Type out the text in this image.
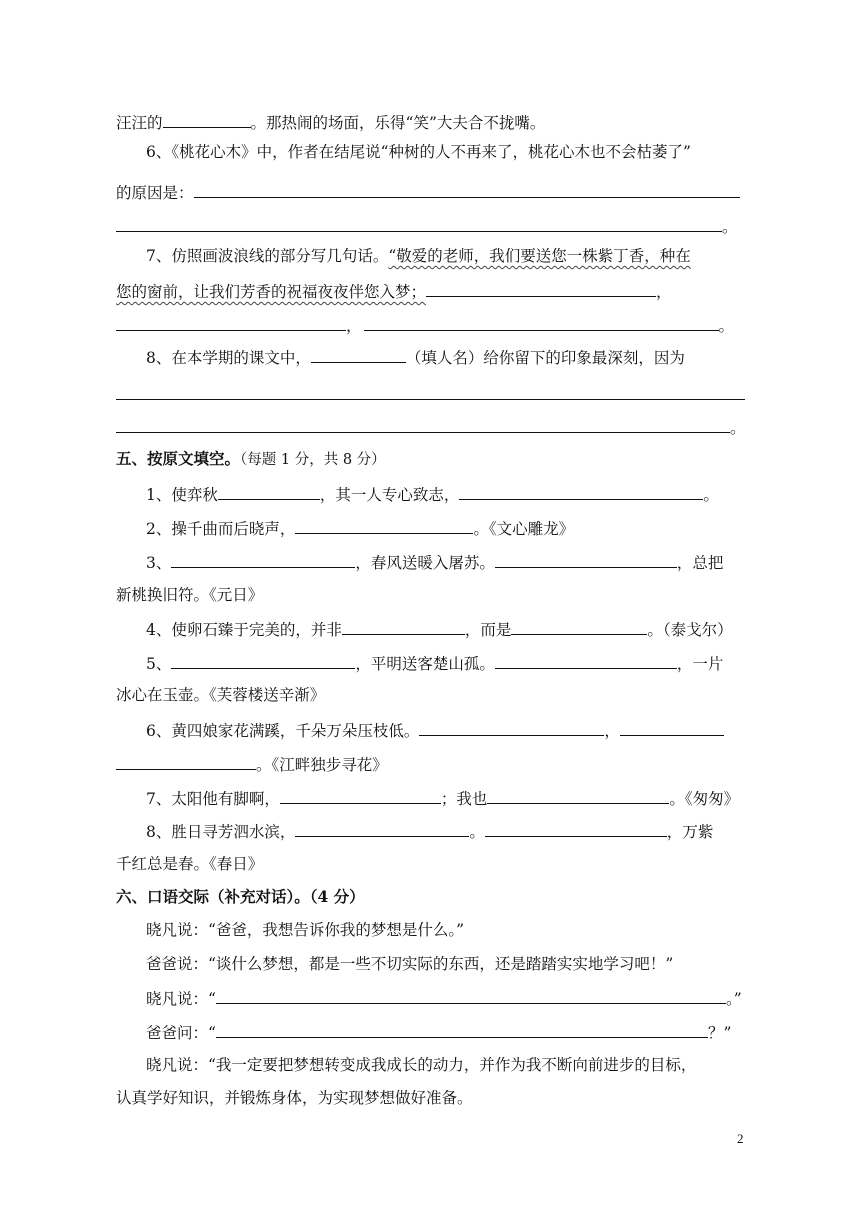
汪汪的	。那热闹的场面，乐得“笑”大夫合不拢嘴。
6、《桃花心木》中，作者在结尾说“种树的人不再来了，桃花心木也不会枯萎了”
的原因是：
。
7、仿照画波浪线的部分写几句话。“敬爱的老师，我们要送您一株紫丁香，种在
您的窗前，让我们芳香的祝福夜夜伴您入梦；	，
，	。
8、在本学期的课文中，	（填人名）给你留下的印象最深刻，因为
。
五、按原文填空。（每题 1 分，共 8 分）
1、使弈秋	，其一人专心致志，	。
2、操千曲而后晓声，	。《文心雕龙》
3、	，春风送暖入屠苏。	，总把
新桃换旧符。《元日》
4、使卵石臻于完美的，并非	，而是	。（泰戈尔）
5、	，平明送客楚山孤。	，一片
冰心在玉壶。《芙蓉楼送辛渐》
6、黄四娘家花满蹊，千朵万朵压枝低。	，
。《江畔独步寻花》
7、太阳他有脚啊，	；我也	。《匆匆》
8、胜日寻芳泗水滨，	。	，万紫
千红总是春。《春日》
六、口语交际（补充对话）。（4 分）
晓凡说：“爸爸，我想告诉你我的梦想是什么。”
爸爸说：“谈什么梦想，都是一些不切实际的东西，还是踏踏实实地学习吧！”
晓凡说：“	。”
爸爸问：“	？”
晓凡说：“我一定要把梦想转变成我成长的动力，并作为我不断向前进步的目标，
认真学好知识，并锻炼身体，为实现梦想做好准备。
2
